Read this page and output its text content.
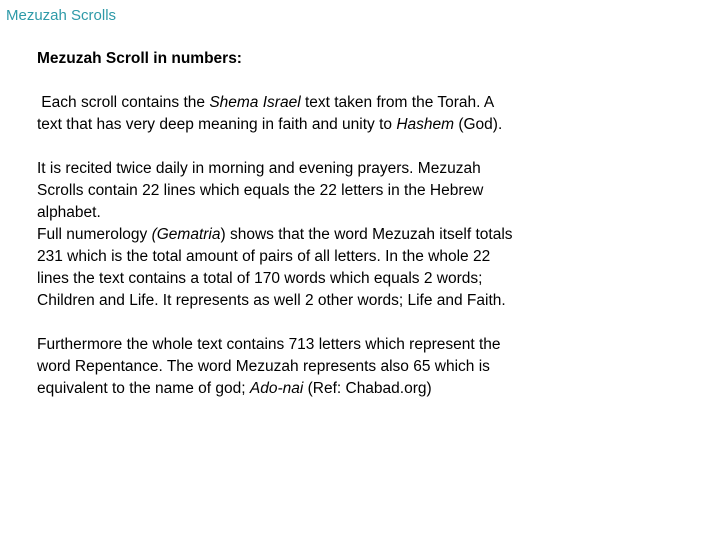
Mezuzah Scrolls
Mezuzah Scroll in numbers:
Each scroll contains the Shema Israel text taken from the Torah. A
text that has very deep meaning in faith and unity to Hashem (God).
It is recited twice daily in morning and evening prayers. Mezuzah
Scrolls contain 22 lines which equals the 22 letters in the Hebrew
alphabet.
Full numerology (Gematria) shows that the word Mezuzah itself totals
231 which is the total amount of pairs of all letters. In the whole 22
lines the text contains a total of 170 words which equals 2 words;
Children and Life. It represents as well 2 other words; Life and Faith.
Furthermore the whole text contains 713 letters which represent the
word Repentance. The word Mezuzah represents also 65 which is
equivalent to the name of god; Ado-nai (Ref: Chabad.org)
